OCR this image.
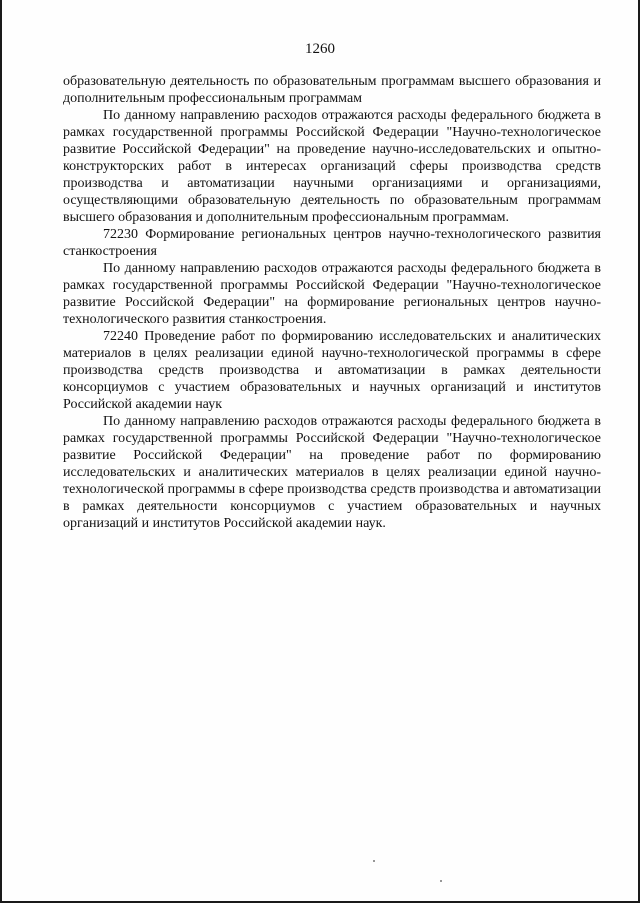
1260

образовательную деятельность по образовательным программам высшего образования и дополнительным профессиональным программам

По данному направлению расходов отражаются расходы федерального бюджета в рамках государственной программы Российской Федерации "Научно-технологическое развитие Российской Федерации" на проведение научно-исследовательских и опытно-конструкторских работ в интересах организаций сферы производства средств производства и автоматизации научными организациями и организациями, осуществляющими образовательную деятельность по образовательным программам высшего образования и дополнительным профессиональным программам.

72230 Формирование региональных центров научно-технологического развития станкостроения

По данному направлению расходов отражаются расходы федерального бюджета в рамках государственной программы Российской Федерации "Научно-технологическое развитие Российской Федерации" на формирование региональных центров научно-технологического развития станкостроения.

72240 Проведение работ по формированию исследовательских и аналитических материалов в целях реализации единой научно-технологической программы в сфере производства средств производства и автоматизации в рамках деятельности консорциумов с участием образовательных и научных организаций и институтов Российской академии наук

По данному направлению расходов отражаются расходы федерального бюджета в рамках государственной программы Российской Федерации "Научно-технологическое развитие Российской Федерации" на проведение работ по формированию исследовательских и аналитических материалов в целях реализации единой научно-технологической программы в сфере производства средств производства и автоматизации в рамках деятельности консорциумов с участием образовательных и научных организаций и институтов Российской академии наук.
